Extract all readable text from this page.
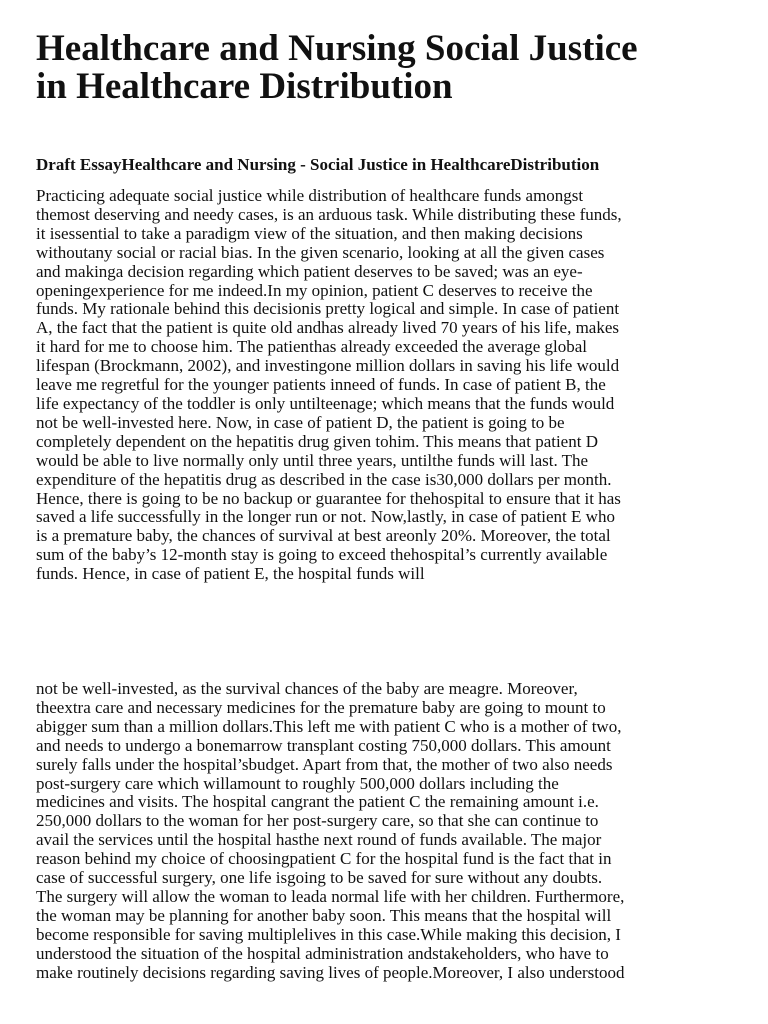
Healthcare and Nursing Social Justice
in Healthcare Distribution
Draft EssayHealthcare and Nursing - Social Justice in HealthcareDistribution
Practicing adequate social justice while distribution of healthcare funds amongst
themost deserving and needy cases, is an arduous task. While distributing these funds,
it isessential to take a paradigm view of the situation, and then making decisions
withoutany social or racial bias. In the given scenario, looking at all the given cases
and makinga decision regarding which patient deserves to be saved; was an eye-
openingexperience for me indeed.In my opinion, patient C deserves to receive the
funds. My rationale behind this decisionis pretty logical and simple. In case of patient
A, the fact that the patient is quite old andhas already lived 70 years of his life, makes
it hard for me to choose him. The patienthas already exceeded the average global
lifespan (Brockmann, 2002), and investingone million dollars in saving his life would
leave me regretful for the younger patients inneed of funds. In case of patient B, the
life expectancy of the toddler is only untilteenage; which means that the funds would
not be well-invested here. Now, in case of patient D, the patient is going to be
completely dependent on the hepatitis drug given tohim. This means that patient D
would be able to live normally only until three years, untilthe funds will last. The
expenditure of the hepatitis drug as described in the case is30,000 dollars per month.
Hence, there is going to be no backup or guarantee for thehospital to ensure that it has
saved a life successfully in the longer run or not. Now,lastly, in case of patient E who
is a premature baby, the chances of survival at best areonly 20%. Moreover, the total
sum of the baby’s 12-month stay is going to exceed thehospital’s currently available
funds. Hence, in case of patient E, the hospital funds will
not be well-invested, as the survival chances of the baby are meagre. Moreover,
theextra care and necessary medicines for the premature baby are going to mount to
abigger sum than a million dollars.This left me with patient C who is a mother of two,
and needs to undergo a bonemarrow transplant costing 750,000 dollars. This amount
surely falls under the hospital’sbudget. Apart from that, the mother of two also needs
post-surgery care which willamount to roughly 500,000 dollars including the
medicines and visits. The hospital cangrant the patient C the remaining amount i.e.
250,000 dollars to the woman for her post-surgery care, so that she can continue to
avail the services until the hospital hasthe next round of funds available. The major
reason behind my choice of choosingpatient C for the hospital fund is the fact that in
case of successful surgery, one life isgoing to be saved for sure without any doubts.
The surgery will allow the woman to leada normal life with her children. Furthermore,
the woman may be planning for another baby soon. This means that the hospital will
become responsible for saving multiplelives in this case.While making this decision, I
understood the situation of the hospital administration andstakeholders, who have to
make routinely decisions regarding saving lives of people.Moreover, I also understood
